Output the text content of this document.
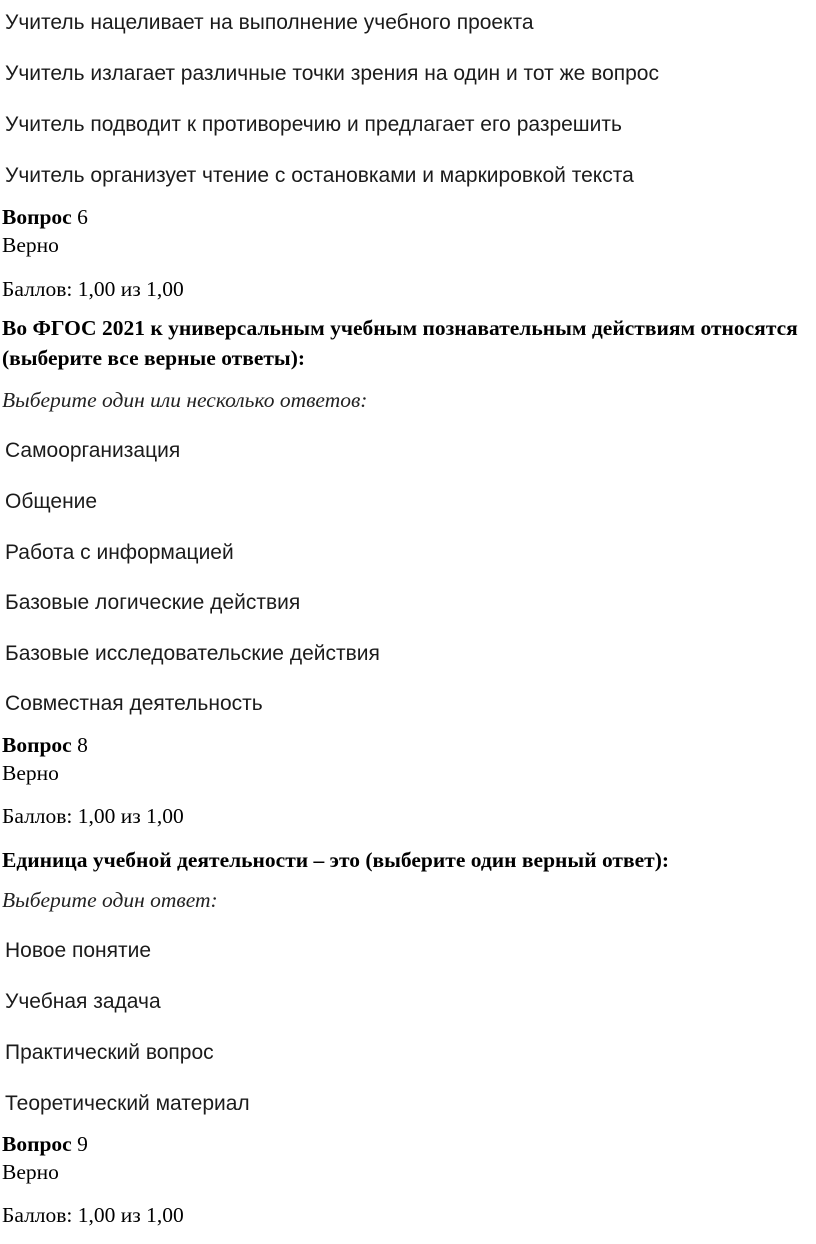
Учитель нацеливает на выполнение учебного проекта
Учитель излагает различные точки зрения на один и тот же вопрос
Учитель подводит к противоречию и предлагает его разрешить
Учитель организует чтение с остановками и маркировкой текста
Вопрос 6
Верно
Баллов: 1,00 из 1,00
Во ФГОС 2021 к универсальным учебным познавательным действиям относятся (выберите все верные ответы):
Выберите один или несколько ответов:
Самоорганизация
Общение
Работа с информацией
Базовые логические действия
Базовые исследовательские действия
Совместная деятельность
Вопрос 8
Верно
Баллов: 1,00 из 1,00
Единица учебной деятельности – это (выберите один верный ответ):
Выберите один ответ:
Новое понятие
Учебная задача
Практический вопрос
Теоретический материал
Вопрос 9
Верно
Баллов: 1,00 из 1,00
